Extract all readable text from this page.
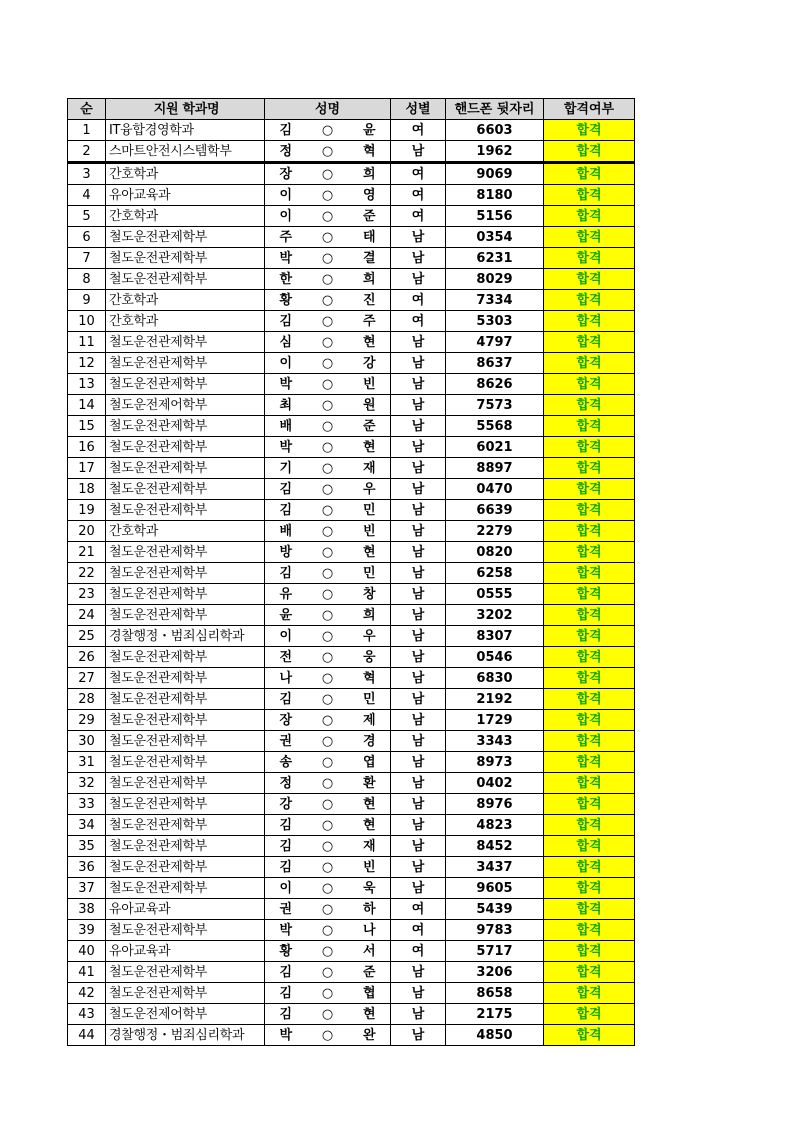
순	지원 학과명	성명			성별	핸드폰 뒷자리	합격여부
1	IT융합경영학과	김	○	윤	여	6603	합격
2	스마트안전시스템학부	정	○	혁	남	1962	합격
3	간호학과	장	○	희	여	9069	합격
4	유아교육과	이	○	영	여	8180	합격
5	간호학과	이	○	준	여	5156	합격
6	철도운전관제학부	주	○	태	남	0354	합격
7	철도운전관제학부	박	○	결	남	6231	합격
8	철도운전관제학부	한	○	희	남	8029	합격
9	간호학과	황	○	진	여	7334	합격
10	간호학과	김	○	주	여	5303	합격
11	철도운전관제학부	심	○	현	남	4797	합격
12	철도운전관제학부	이	○	강	남	8637	합격
13	철도운전관제학부	박	○	빈	남	8626	합격
14	철도운전제어학부	최	○	원	남	7573	합격
15	철도운전관제학부	배	○	준	남	5568	합격
16	철도운전관제학부	박	○	현	남	6021	합격
17	철도운전관제학부	기	○	재	남	8897	합격
18	철도운전관제학부	김	○	우	남	0470	합격
19	철도운전관제학부	김	○	민	남	6639	합격
20	간호학과	배	○	빈	남	2279	합격
21	철도운전관제학부	방	○	현	남	0820	합격
22	철도운전관제학부	김	○	민	남	6258	합격
23	철도운전관제학부	유	○	창	남	0555	합격
24	철도운전관제학부	윤	○	희	남	3202	합격
25	경찰행정・범죄심리학과	이	○	우	남	8307	합격
26	철도운전관제학부	전	○	웅	남	0546	합격
27	철도운전관제학부	나	○	혁	남	6830	합격
28	철도운전관제학부	김	○	민	남	2192	합격
29	철도운전관제학부	장	○	제	남	1729	합격
30	철도운전관제학부	권	○	경	남	3343	합격
31	철도운전관제학부	송	○	엽	남	8973	합격
32	철도운전관제학부	정	○	환	남	0402	합격
33	철도운전관제학부	강	○	현	남	8976	합격
34	철도운전관제학부	김	○	현	남	4823	합격
35	철도운전관제학부	김	○	재	남	8452	합격
36	철도운전관제학부	김	○	빈	남	3437	합격
37	철도운전관제학부	이	○	욱	남	9605	합격
38	유아교육과	권	○	하	여	5439	합격
39	철도운전관제학부	박	○	나	여	9783	합격
40	유아교육과	황	○	서	여	5717	합격
41	철도운전관제학부	김	○	준	남	3206	합격
42	철도운전관제학부	김	○	협	남	8658	합격
43	철도운전제어학부	김	○	현	남	2175	합격
44	경찰행정・범죄심리학과	박	○	완	남	4850	합격
